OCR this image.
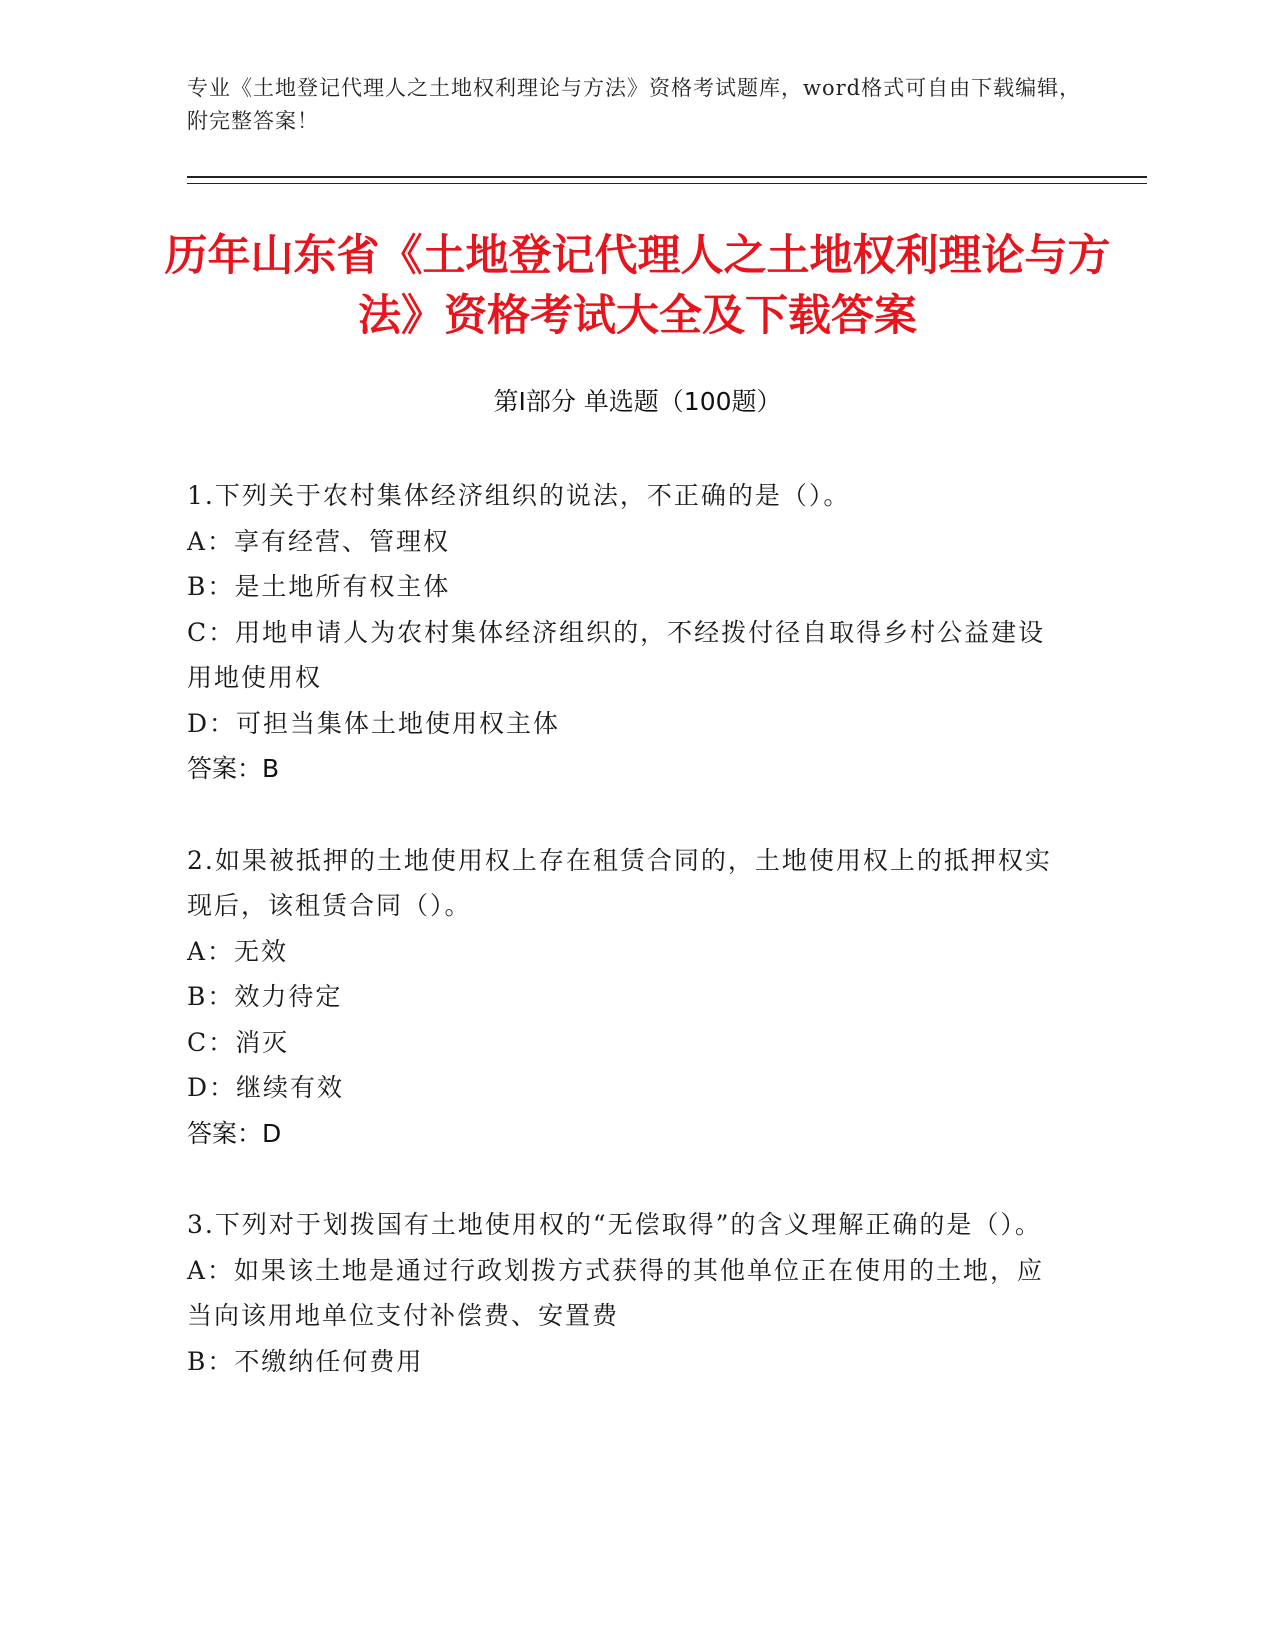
专业《土地登记代理人之土地权利理论与方法》资格考试题库，word格式可自由下载编辑，附完整答案！
历年山东省《土地登记代理人之土地权利理论与方法》资格考试大全及下载答案
第I部分 单选题（100题）

1.下列关于农村集体经济组织的说法，不正确的是（）。

A：享有经营、管理权

B：是土地所有权主体

C：用地申请人为农村集体经济组织的，不经拨付径自取得乡村公益建设用地使用权

D：可担当集体土地使用权主体

答案：B

2.如果被抵押的土地使用权上存在租赁合同的，土地使用权上的抵押权实现后，该租赁合同（）。

A：无效

B：效力待定

C：消灭

D：继续有效

答案：D

3.下列对于划拨国有土地使用权的“无偿取得”的含义理解正确的是（）。

A：如果该土地是通过行政划拨方式获得的其他单位正在使用的土地，应当向该用地单位支付补偿费、安置费

B：不缴纳任何费用
